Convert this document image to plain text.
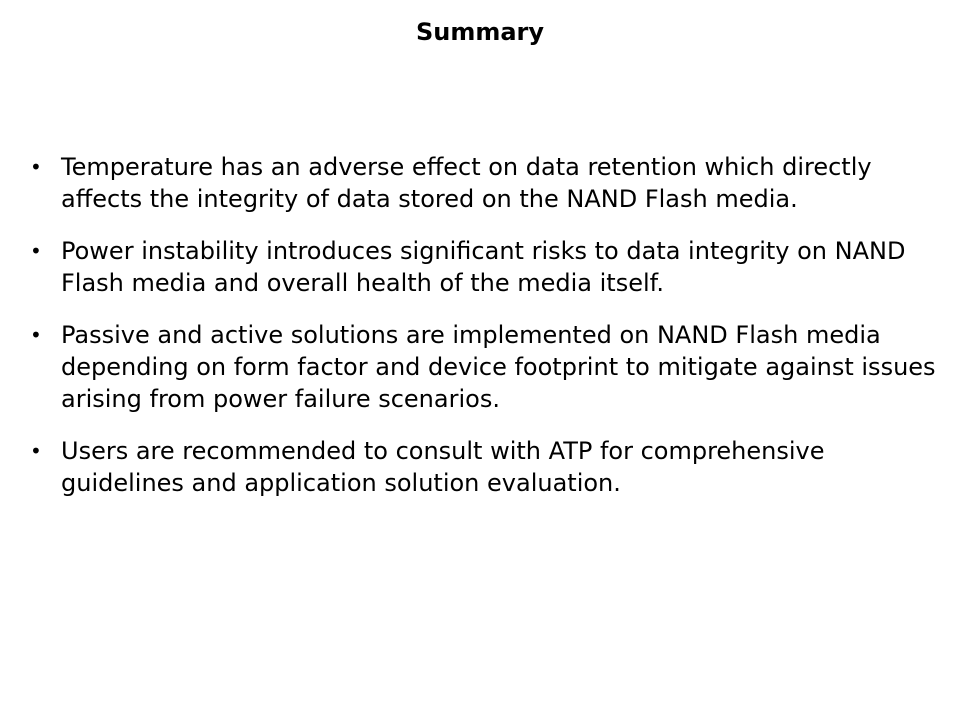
Summary
• Temperature has an adverse effect on data retention which directly affects the integrity of data stored on the NAND Flash media.
• Power instability introduces significant risks to data integrity on NAND Flash media and overall health of the media itself.
• Passive and active solutions are implemented on NAND Flash media depending on form factor and device footprint to mitigate against issues arising from power failure scenarios.
• Users are recommended to consult with ATP for comprehensive guidelines and application solution evaluation.
